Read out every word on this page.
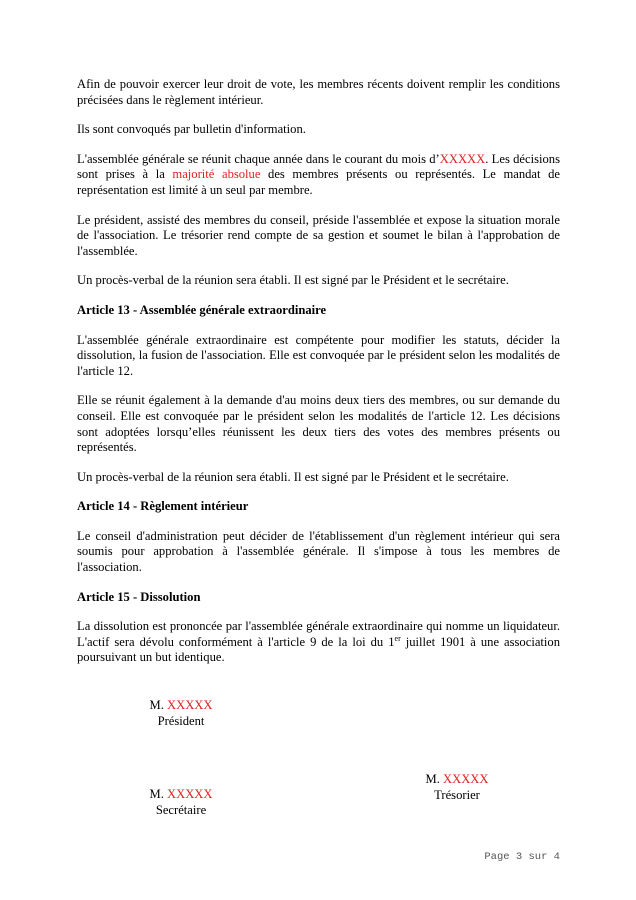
Afin de pouvoir exercer leur droit de vote, les membres récents doivent remplir les conditions précisées dans le règlement intérieur.

Ils sont convoqués par bulletin d'information.

L'assemblée générale se réunit chaque année dans le courant du mois d’XXXXX. Les décisions sont prises à la majorité absolue des membres présents ou représentés. Le mandat de représentation est limité à un seul par membre.

Le président, assisté des membres du conseil, préside l'assemblée et expose la situation morale de l'association. Le trésorier rend compte de sa gestion et soumet le bilan à l'approbation de l'assemblée.

Un procès-verbal de la réunion sera établi. Il est signé par le Président et le secrétaire.

Article 13 - Assemblée générale extraordinaire

L'assemblée générale extraordinaire est compétente pour modifier les statuts, décider la dissolution, la fusion de l'association. Elle est convoquée par le président selon les modalités de l'article 12.

Elle se réunit également à la demande d'au moins deux tiers des membres, ou sur demande du conseil. Elle est convoquée par le président selon les modalités de l'article 12. Les décisions sont adoptées lorsqu’elles réunissent les deux tiers des votes des membres présents ou représentés.

Un procès-verbal de la réunion sera établi. Il est signé par le Président et le secrétaire.

Article 14 - Règlement intérieur

Le conseil d'administration peut décider de l'établissement d'un règlement intérieur qui sera soumis pour approbation à l'assemblée générale. Il s'impose à tous les membres de l'association.

Article 15 - Dissolution

La dissolution est prononcée par l'assemblée générale extraordinaire qui nomme un liquidateur. L'actif sera dévolu conformément à l'article 9 de la loi du 1er juillet 1901 à une association poursuivant un but identique.

M. XXXXX
Président
M. XXXXX
Trésorier
M. XXXXX
Secrétaire
Page 3 sur 4
